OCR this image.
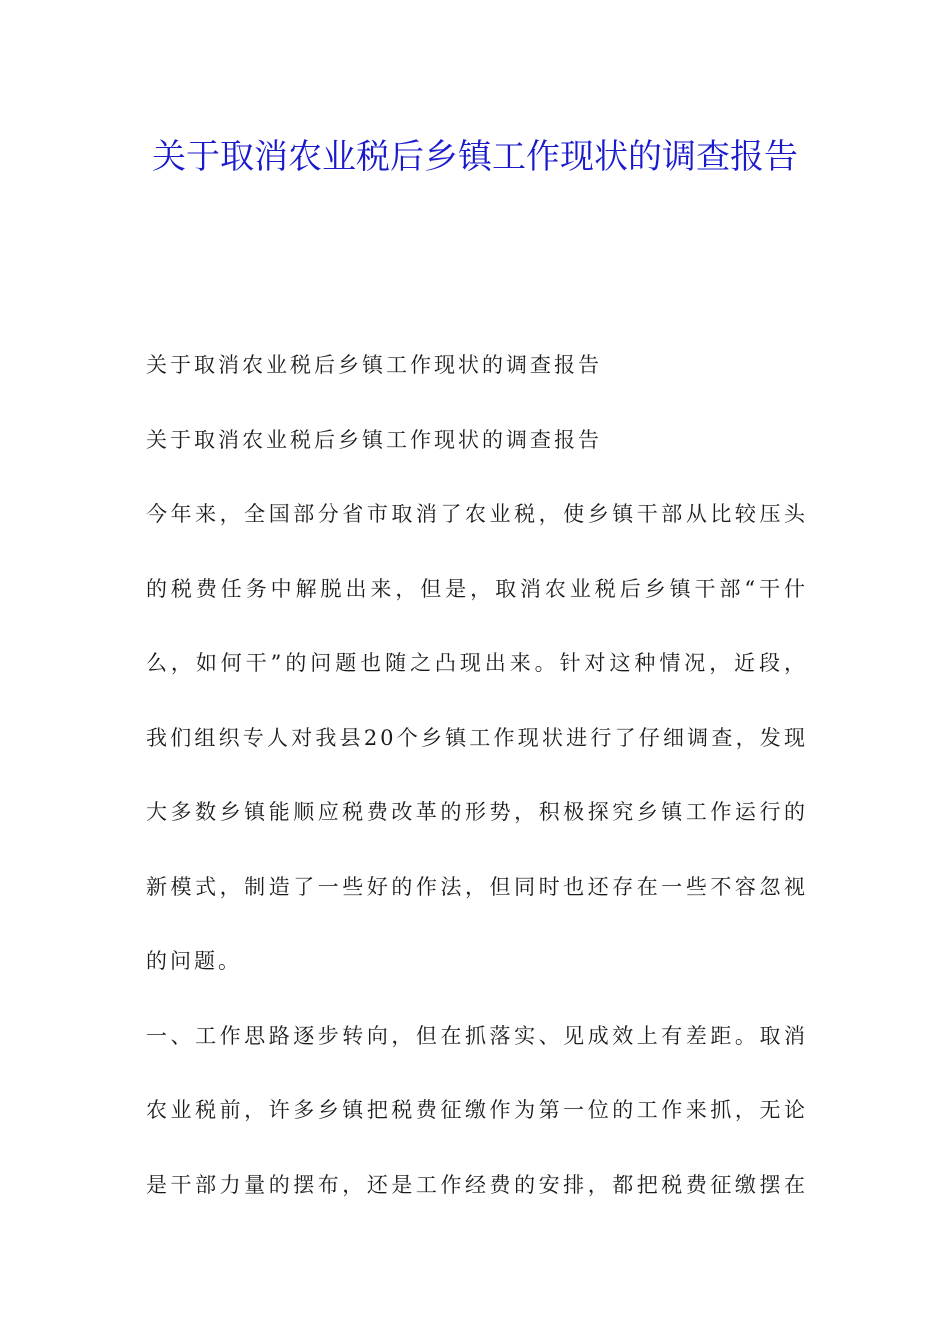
关于取消农业税后乡镇工作现状的调查报告
关于取消农业税后乡镇工作现状的调查报告
关于取消农业税后乡镇工作现状的调查报告
今年来，全国部分省市取消了农业税，使乡镇干部从比较压头
的税费任务中解脱出来，但是，取消农业税后乡镇干部“干什
么，如何干”的问题也随之凸现出来。针对这种情况，近段，
我们组织专人对我县20个乡镇工作现状进行了仔细调查，发现
大多数乡镇能顺应税费改革的形势，积极探究乡镇工作运行的
新模式，制造了一些好的作法，但同时也还存在一些不容忽视
的问题。
一、工作思路逐步转向，但在抓落实、见成效上有差距。取消
农业税前，许多乡镇把税费征缴作为第一位的工作来抓，无论
是干部力量的摆布，还是工作经费的安排，都把税费征缴摆在
